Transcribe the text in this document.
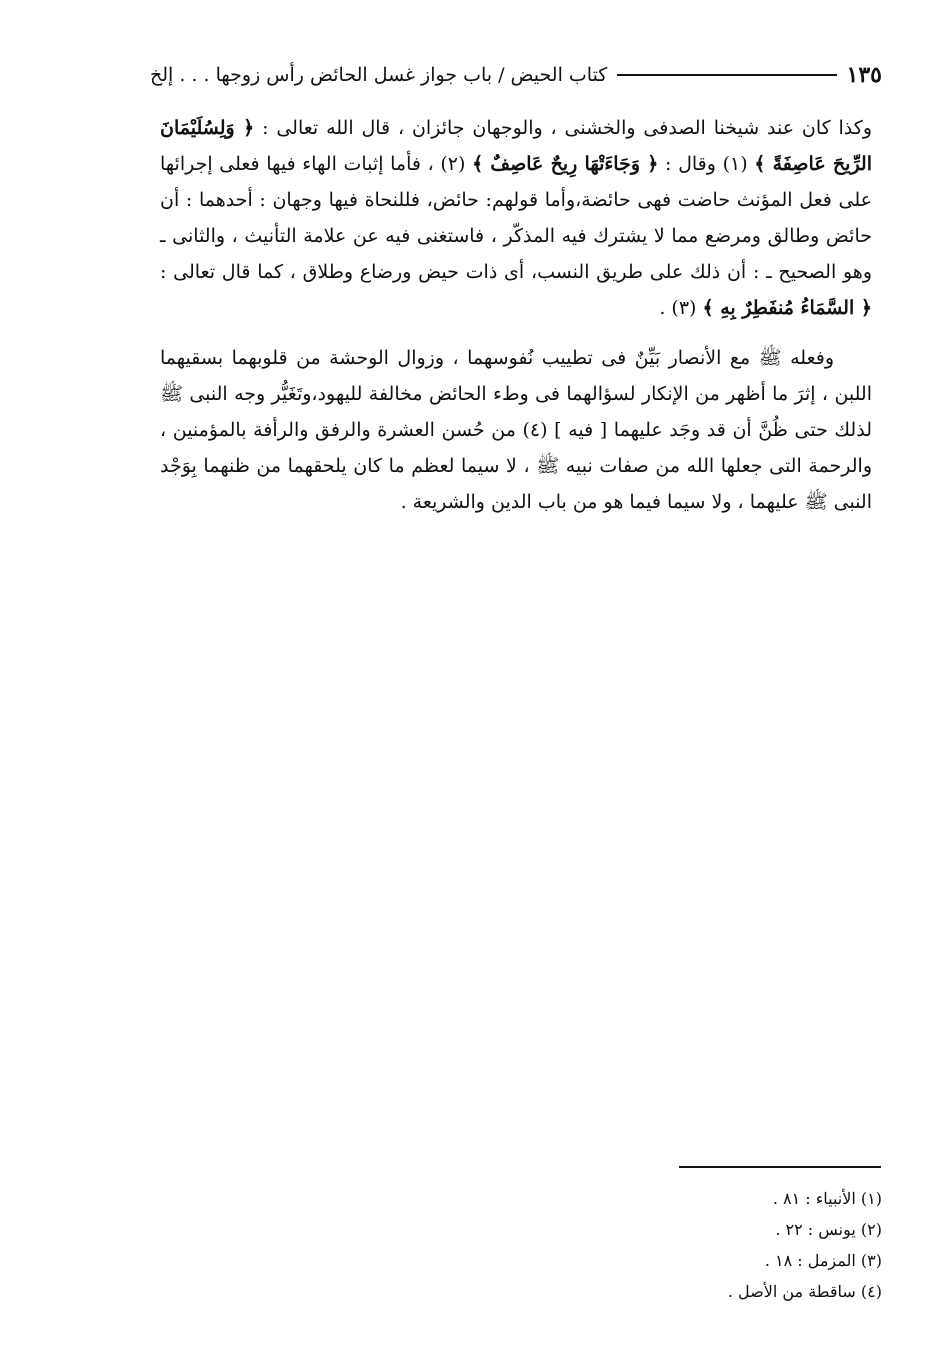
كتاب الحيض / باب جواز غسل الحائض رأس زوجها . . . إلخ	١٣٥

وكذا كان عند شيخنا الصدفى والخشنى ، والوجهان جائزان ، قال الله تعالى : ﴿ وَلِسُلَيْمَانَ الرِّيحَ عَاصِفَةً ﴾ (١) وقال : ﴿ وَجَاءَتْهَا رِيحٌ عَاصِفٌ ﴾ (٢) ، فأما إثبات الهاء فيها فعلى إجرائها على فعل المؤنث حاضت فهى حائضة،وأما قولهم: حائض، فللنحاة فيها وجهان : أحدهما : أن حائض وطالق ومرضع مما لا يشترك فيه المذكّر ، فاستغنى فيه عن علامة التأنيث ، والثانى ـ وهو الصحيح ـ : أن ذلك على طريق النسب، أى ذات حيض ورضاع وطلاق ، كما قال تعالى : ﴿ السَّمَاءُ مُنفَطِرٌ بِهِ ﴾ (٣) .

وفعله ﷺ مع الأنصار بَيِّنٌ فى تطييب نُفوسهما ، وزوال الوحشة من قلوبهما بسقيهما اللبن ، إثرَ ما أظهر من الإنكار لسؤالهما فى وطء الحائض مخالفة لليهود،وتَغَيُّر وجه النبى ﷺ لذلك حتى ظُنَّ أن قد وجَد عليهما [ فيه ] (٤) من حُسن العشرة والرفق والرأفة بالمؤمنين ، والرحمة التى جعلها الله من صفات نبيه ﷺ ، لا سيما لعظم ما كان يلحقهما من ظنهما بِوَجْد النبى ﷺ عليهما ، ولا سيما فيما هو من باب الدين والشريعة .

(١) الأنبياء : ٨١ .
(٢) يونس : ٢٢ .
(٣) المزمل : ١٨ .
(٤) ساقطة من الأصل .
